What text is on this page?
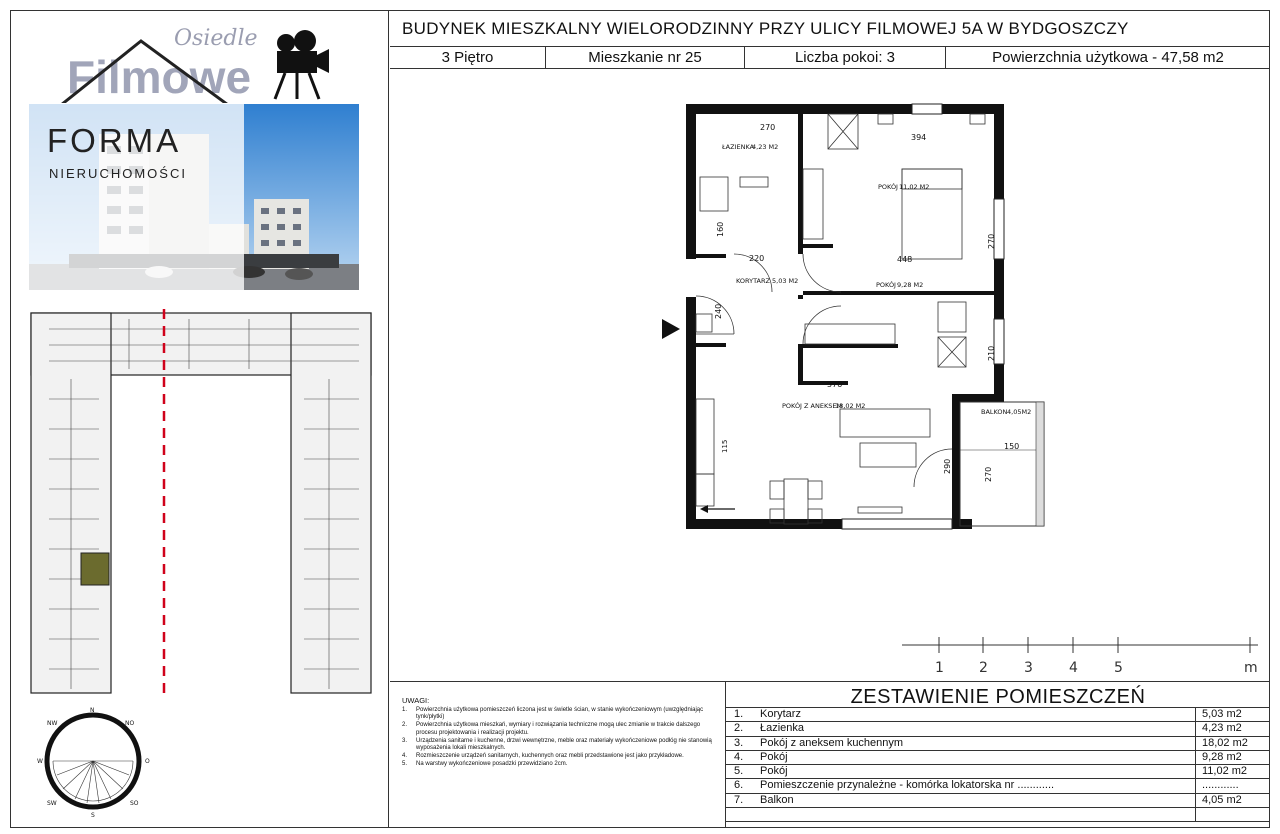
Osiedle
Filmowe
FORMA
NIERUCHOMOŚCI
N
NO
O
SO
S
SW
W
NW
BUDYNEK MIESZKALNY WIELORODZINNY PRZY ULICY FILMOWEJ 5A W BYDGOSZCZY
3 Piętro	Mieszkanie nr 25	Liczba pokoi: 3	Powierzchnia użytkowa - 47,58 m2
ŁAZIENKA
4,23 M2
POKÓJ 11,02 M2
KORYTARZ 5,03 M2	POKÓJ 9,28 M2
POKÓJ Z ANEKSEM
18,02 M2
BALKON 4,05M2
270
394
220	448
576
150
160
270
240
210
290
270
115
1	2	3	4	5	m
UWAGI:
1.	Powierzchnia użytkowa pomieszczeń liczona jest w świetle ścian, w stanie wykończeniowym (uwzględniając tynk/płytki)
2.	Powierzchnia użytkowa mieszkań, wymiary i rozwiązania techniczne mogą ulec zmianie w trakcie dalszego procesu projektowania i realizacji projektu.
3.	Urządzenia sanitarne i kuchenne, drzwi wewnętrzne, meble oraz materiały wykończeniowe podłóg nie stanowią wyposażenia lokali mieszkalnych.
4.	Rozmieszczenie urządzeń sanitarnych, kuchennych oraz mebli przedstawione jest jako przykładowe.
5.	Na warstwy wykończeniowe posadzki przewidziano 2cm.
ZESTAWIENIE POMIESZCZEŃ
1.	Korytarz	5,03 m2
2.	Łazienka	4,23 m2
3.	Pokój z aneksem kuchennym	18,02 m2
4.	Pokój	9,28 m2
5.	Pokój	11,02 m2
6.	Pomieszczenie przynależne - komórka lokatorska nr ............	............
7.	Balkon	4,05 m2
